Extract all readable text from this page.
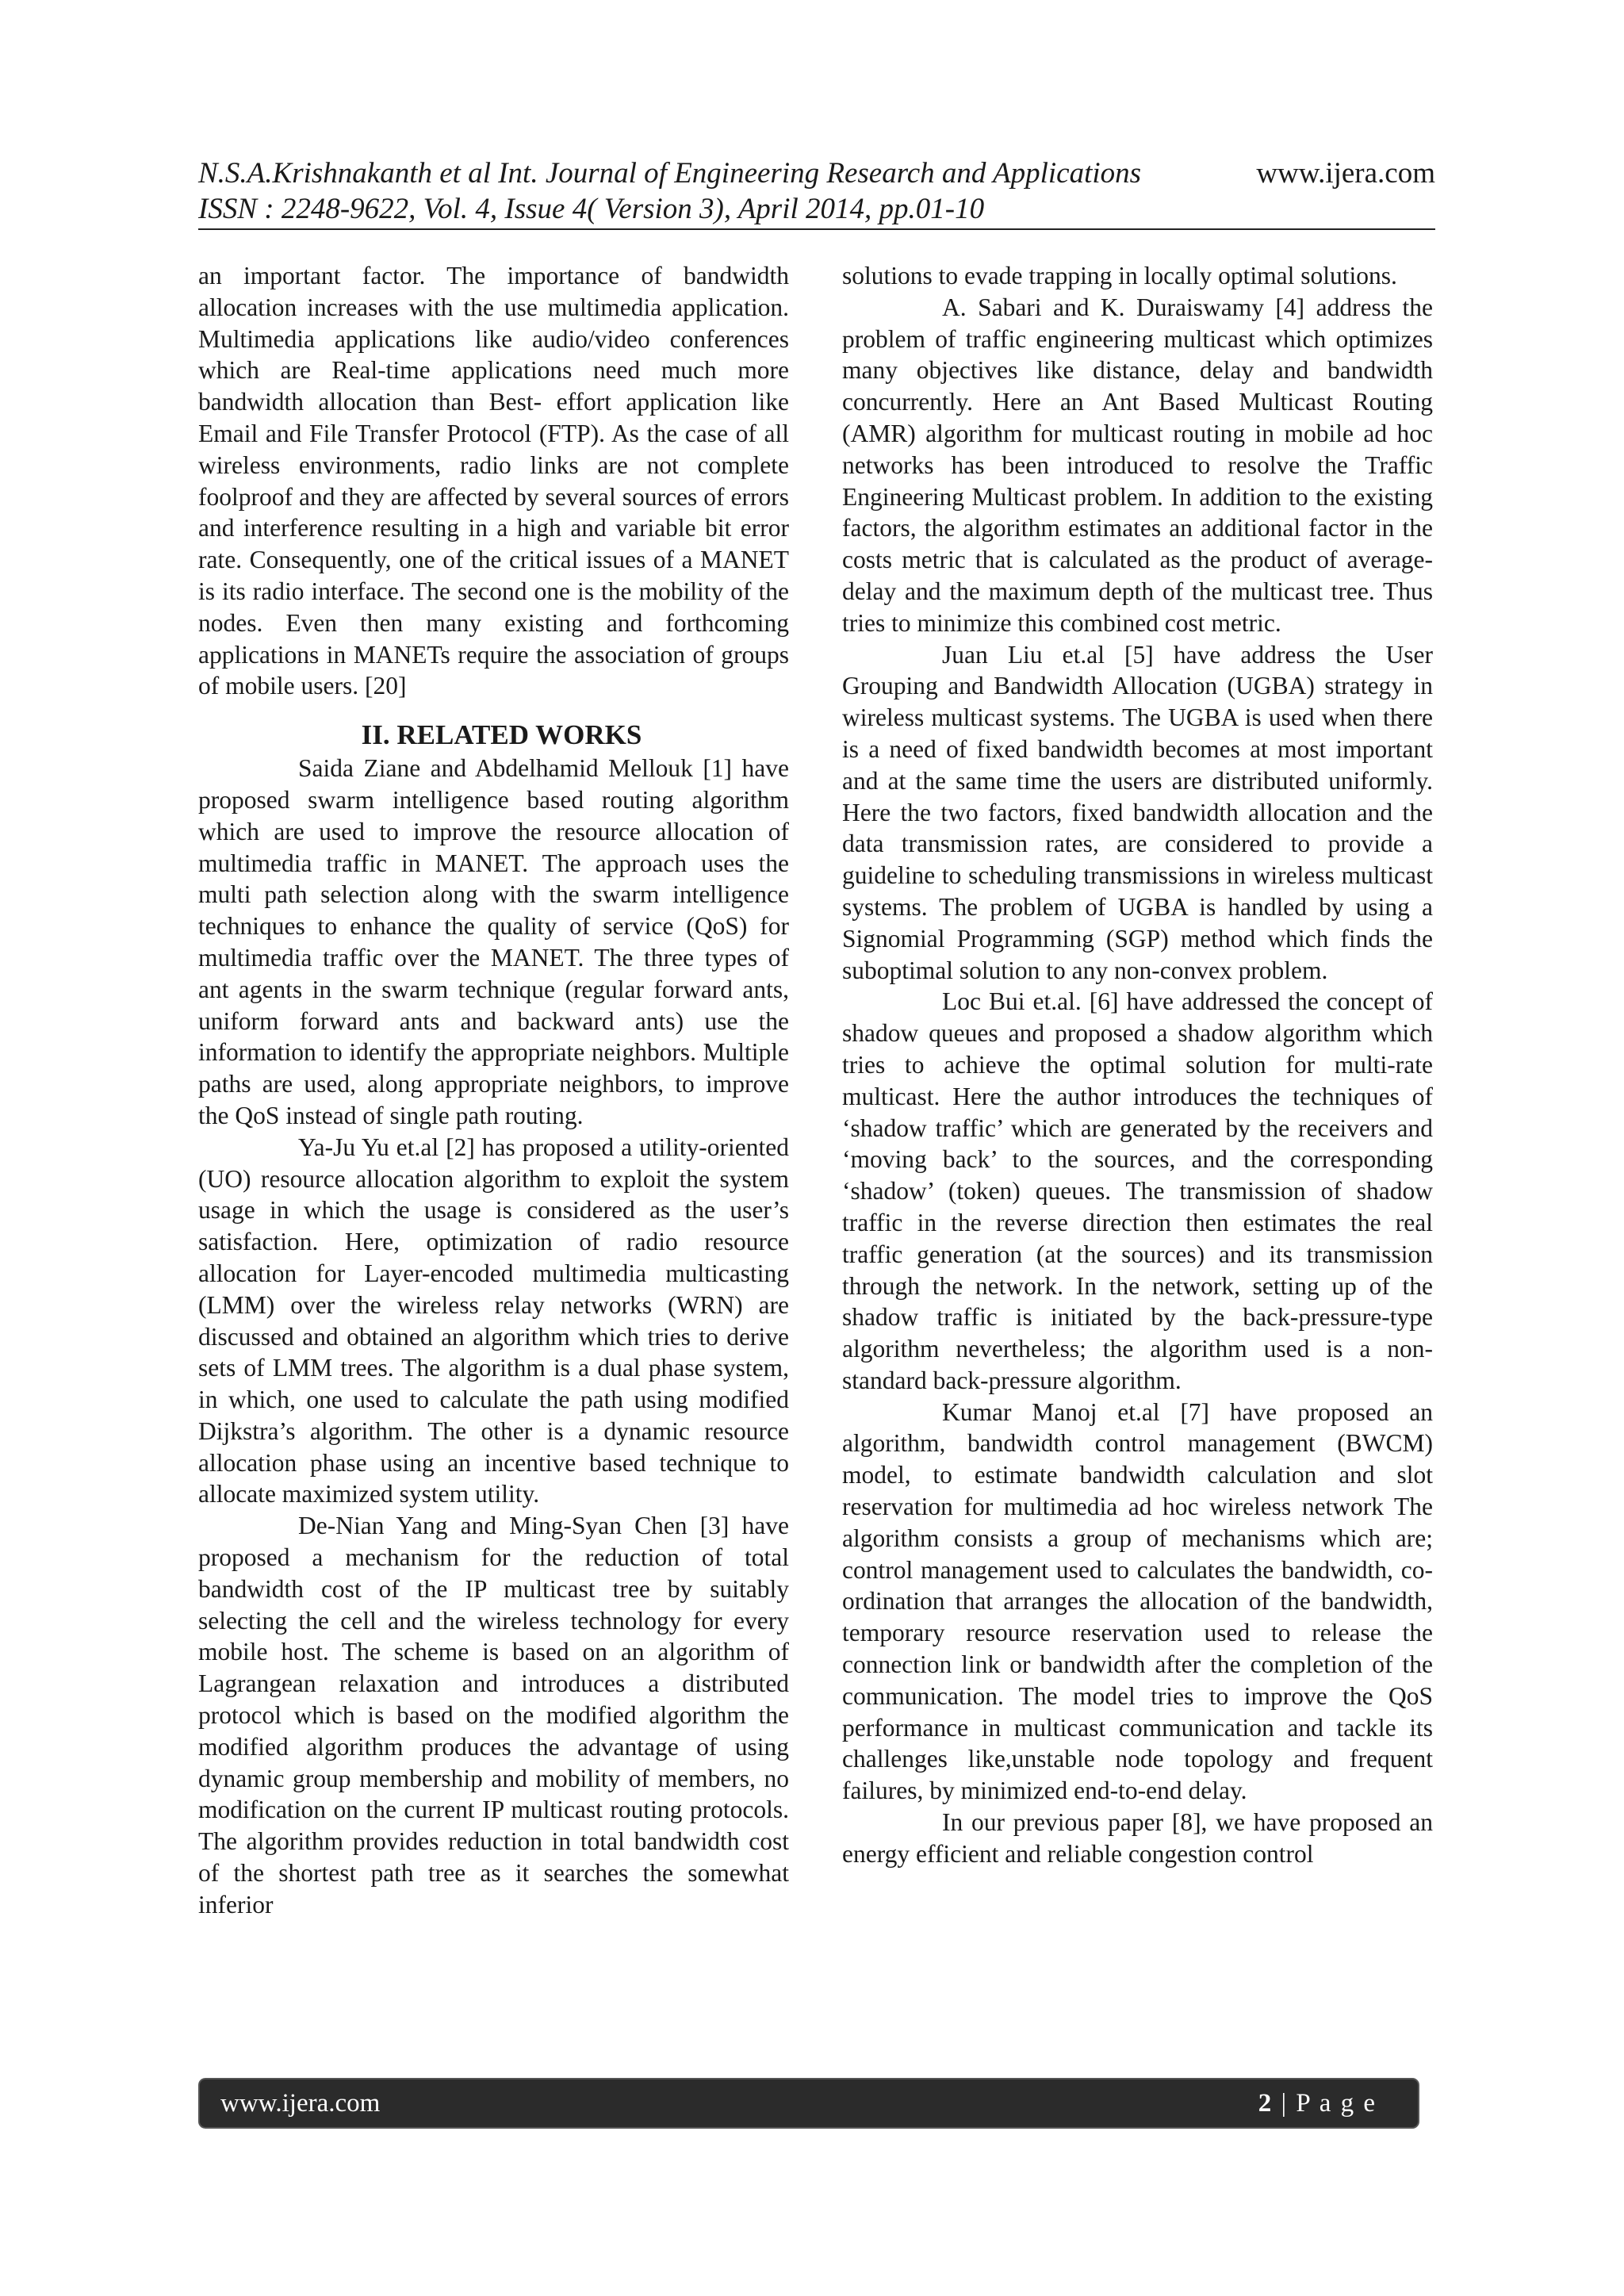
N.S.A.Krishnakanth et al Int. Journal of Engineering Research and Applications
ISSN : 2248-9622, Vol. 4, Issue 4( Version 3), April 2014, pp.01-10
www.ijera.com

an important factor. The importance of bandwidth allocation increases with the use multimedia application. Multimedia applications like audio/video conferences which are Real-time applications need much more bandwidth allocation than Best- effort application like Email and File Transfer Protocol (FTP). As the case of all wireless environments, radio links are not complete foolproof and they are affected by several sources of errors and interference resulting in a high and variable bit error rate. Consequently, one of the critical issues of a MANET is its radio interface. The second one is the mobility of the nodes. Even then many existing and forthcoming applications in MANETs require the association of groups of mobile users. [20]

II. RELATED WORKS

Saida Ziane and Abdelhamid Mellouk [1] have proposed swarm intelligence based routing algorithm which are used to improve the resource allocation of multimedia traffic in MANET. The approach uses the multi path selection along with the swarm intelligence techniques to enhance the quality of service (QoS) for multimedia traffic over the MANET. The three types of ant agents in the swarm technique (regular forward ants, uniform forward ants and backward ants) use the information to identify the appropriate neighbors. Multiple paths are used, along appropriate neighbors, to improve the QoS instead of single path routing.

Ya-Ju Yu et.al [2] has proposed a utility-oriented (UO) resource allocation algorithm to exploit the system usage in which the usage is considered as the user’s satisfaction. Here, optimization of radio resource allocation for Layer-encoded multimedia multicasting (LMM) over the wireless relay networks (WRN) are discussed and obtained an algorithm which tries to derive sets of LMM trees. The algorithm is a dual phase system, in which, one used to calculate the path using modified Dijkstra’s algorithm. The other is a dynamic resource allocation phase using an incentive based technique to allocate maximized system utility.

De-Nian Yang and Ming-Syan Chen [3] have proposed a mechanism for the reduction of total bandwidth cost of the IP multicast tree by suitably selecting the cell and the wireless technology for every mobile host. The scheme is based on an algorithm of Lagrangean relaxation and introduces a distributed protocol which is based on the modified algorithm the modified algorithm produces the advantage of using dynamic group membership and mobility of members, no modification on the current IP multicast routing protocols. The algorithm provides reduction in total bandwidth cost of the shortest path tree as it searches the somewhat inferior

solutions to evade trapping in locally optimal solutions.

A. Sabari and K. Duraiswamy [4] address the problem of traffic engineering multicast which optimizes many objectives like distance, delay and bandwidth concurrently. Here an Ant Based Multicast Routing (AMR) algorithm for multicast routing in mobile ad hoc networks has been introduced to resolve the Traffic Engineering Multicast problem. In addition to the existing factors, the algorithm estimates an additional factor in the costs metric that is calculated as the product of average-delay and the maximum depth of the multicast tree. Thus tries to minimize this combined cost metric.

Juan Liu et.al [5] have address the User Grouping and Bandwidth Allocation (UGBA) strategy in wireless multicast systems. The UGBA is used when there is a need of fixed bandwidth becomes at most important and at the same time the users are distributed uniformly. Here the two factors, fixed bandwidth allocation and the data transmission rates, are considered to provide a guideline to scheduling transmissions in wireless multicast systems. The problem of UGBA is handled by using a Signomial Programming (SGP) method which finds the suboptimal solution to any non-convex problem.

Loc Bui et.al. [6] have addressed the concept of shadow queues and proposed a shadow algorithm which tries to achieve the optimal solution for multi-rate multicast. Here the author introduces the techniques of ‘shadow traffic’ which are generated by the receivers and ‘moving back’ to the sources, and the corresponding ‘shadow’ (token) queues. The transmission of shadow traffic in the reverse direction then estimates the real traffic generation (at the sources) and its transmission through the network. In the network, setting up of the shadow traffic is initiated by the back-pressure-type algorithm nevertheless; the algorithm used is a non-standard back-pressure algorithm.

Kumar Manoj et.al [7] have proposed an algorithm, bandwidth control management (BWCM) model, to estimate bandwidth calculation and slot reservation for multimedia ad hoc wireless network The algorithm consists a group of mechanisms which are; control management used to calculates the bandwidth, co-ordination that arranges the allocation of the bandwidth, temporary resource reservation used to release the connection link or bandwidth after the completion of the communication. The model tries to improve the QoS performance in multicast communication and tackle its challenges like,unstable node topology and frequent failures, by minimized end-to-end delay.

In our previous paper [8], we have proposed an energy efficient and reliable congestion control

www.ijera.com	2 | P a g e
